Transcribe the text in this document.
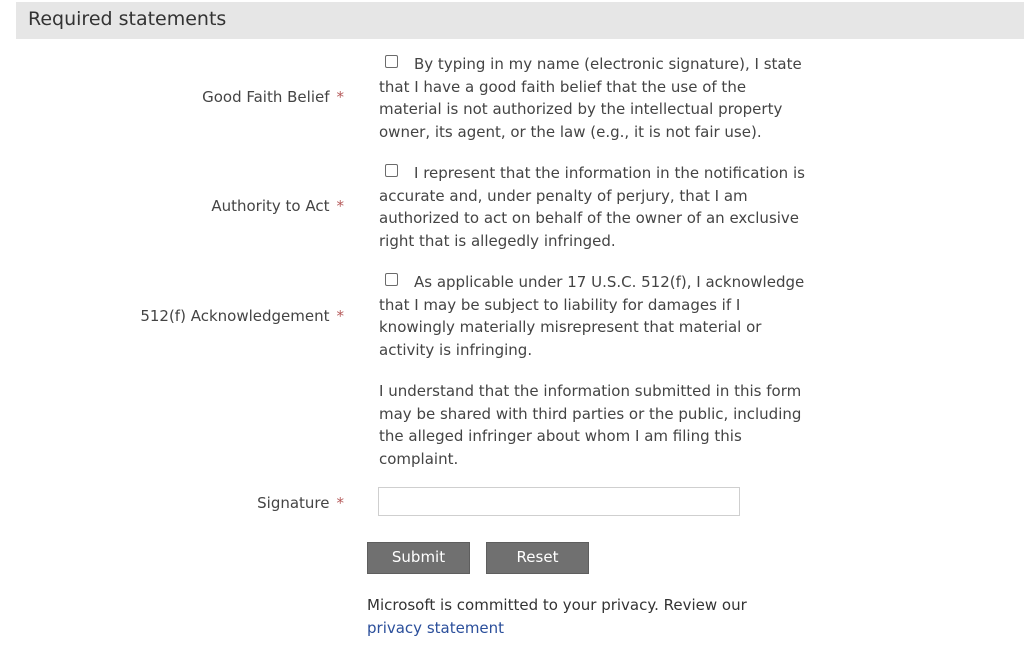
Required statements
Good Faith Belief *
By typing in my name (electronic signature), I state that I have a good faith belief that the use of the material is not authorized by the intellectual property owner, its agent, or the law (e.g., it is not fair use).
Authority to Act *
I represent that the information in the notification is accurate and, under penalty of perjury, that I am authorized to act on behalf of the owner of an exclusive right that is allegedly infringed.
512(f) Acknowledgement *
As applicable under 17 U.S.C. 512(f), I acknowledge that I may be subject to liability for damages if I knowingly materially misrepresent that material or activity is infringing.
I understand that the information submitted in this form may be shared with third parties or the public, including the alleged infringer about whom I am filing this complaint.
Signature *
Submit	Reset
Microsoft is committed to your privacy. Review our
privacy statement
